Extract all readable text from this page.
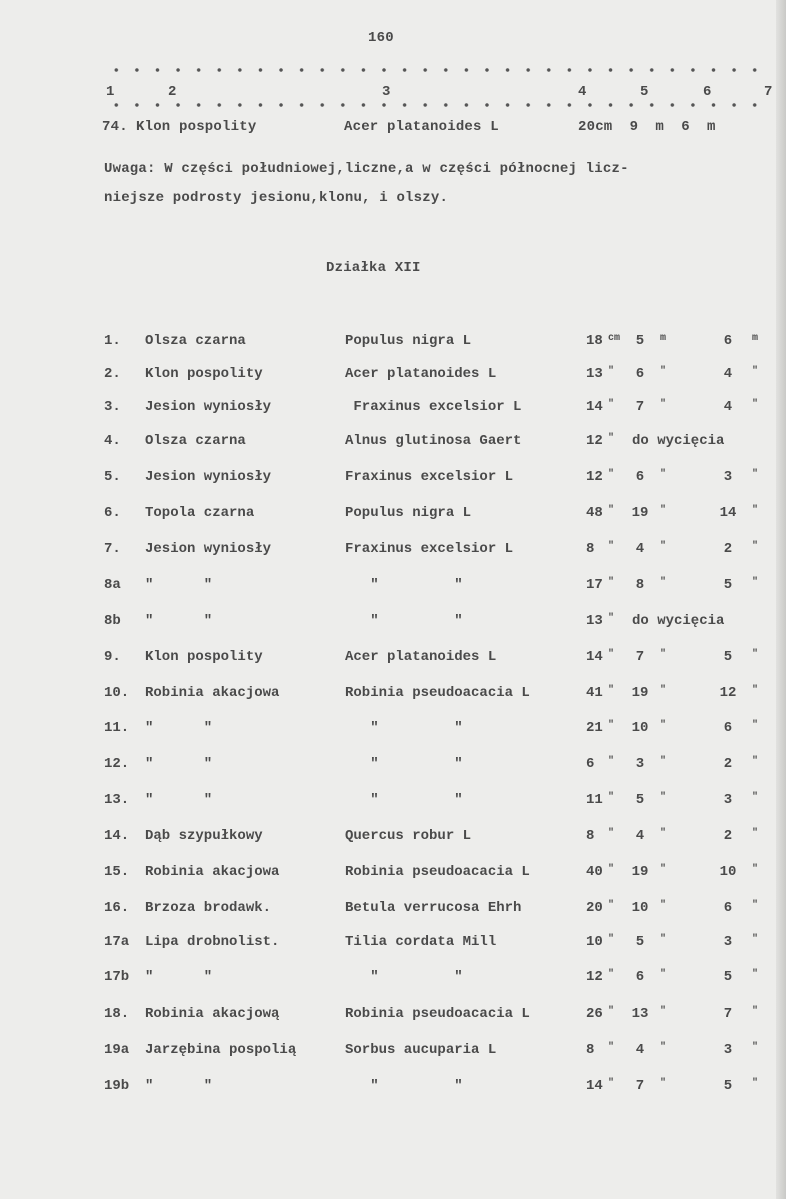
160
1	2	3	4	5	6	7
74. Klon pospolity	Acer platanoides L	20cm  9  m  6  m
Uwaga: W części południowej,liczne,a w części północnej licz-
niejsze podrosty jesionu,klonu, i olszy.
Działka XII
1. Olsza czarna	Populus nigra L	18 cm	5	m	6	m
2. Klon pospolity	Acer platanoides L	13 "	6	"	4	"
3. Jesion wyniosły	Fraxinus excelsior L	14 "	7	"	4	"
4. Olsza czarna	Alnus glutinosa Gaert	12 " do wycięcia
5. Jesion wyniosły	Fraxinus excelsior L	12 "	6	"	3	"
6. Topola czarna	Populus nigra L	48 " 19 "	14 "
7. Jesion wyniosły	Fraxinus excelsior L	8 "	4	"	2	"
8a "      "	"         "	17 "	8	"	5	"
8b "      "	"         "	13 " do wycięcia
9. Klon pospolity	Acer platanoides L	14 "	7	"	5	"
10. Robinia akacjowa	Robinia pseudoacacia L	41 " 19 "	12 "
11. "      "	"         "	21 " 10 "	6	"
12. "      "	"         "	6 "	3	"	2	"
13. "      "	"         "	11 "	5	"	3	"
14. Dąb szypułkowy	Quercus robur L	8 "	4	"	2	"
15. Robinia akacjowa	Robinia pseudoacacia L	40 " 19 "	10 "
16. Brzoza brodawk.	Betula verrucosa Ehrh	20 " 10 "	6	"
17a Lipa drobnolist.	Tilia cordata Mill	10 "	5	"	3	"
17b "      "	"         "	12 "	6	"	5	"
18. Robinia akacjową	Robinia pseudoacacia L	26 " 13 "	7	"
19a Jarzębina pospolią	Sorbus aucuparia L	8 "	4	"	3	"
19b "      "	"         "	14 "	7	"	5	"
